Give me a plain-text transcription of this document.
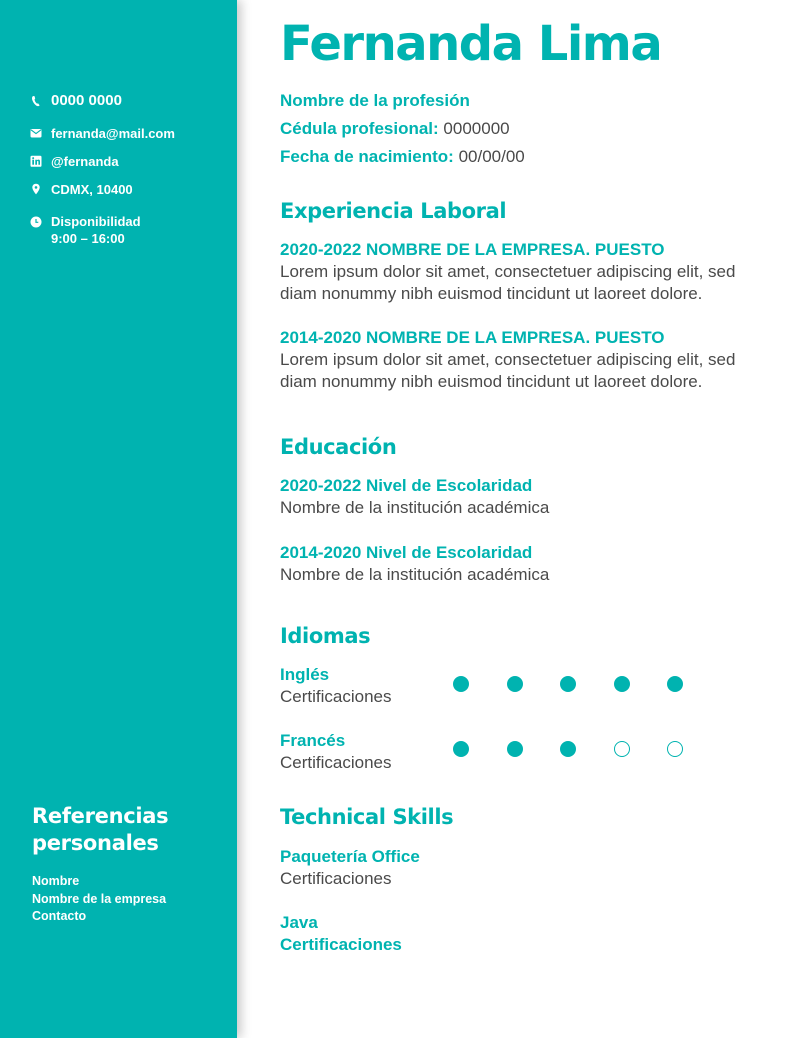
0000 0000
fernanda@mail.com
@fernanda
CDMX, 10400
Disponibilidad
9:00 – 16:00
Referencias
personales
Nombre
Nombre de la empresa
Contacto
Fernanda Lima
Nombre de la profesión
Cédula profesional: 0000000
Fecha de nacimiento: 00/00/00
Experiencia Laboral
2020-2022 NOMBRE DE LA EMPRESA. PUESTO
Lorem ipsum dolor sit amet, consectetuer adipiscing elit, sed
diam nonummy nibh euismod tincidunt ut laoreet dolore.
2014-2020 NOMBRE DE LA EMPRESA. PUESTO
Lorem ipsum dolor sit amet, consectetuer adipiscing elit, sed
diam nonummy nibh euismod tincidunt ut laoreet dolore.
Educación
2020-2022 Nivel de Escolaridad
Nombre de la institución académica
2014-2020 Nivel de Escolaridad
Nombre de la institución académica
Idiomas
Inglés
Certificaciones
Francés
Certificaciones
Technical Skills
Paquetería Office
Certificaciones
Java
Certificaciones
